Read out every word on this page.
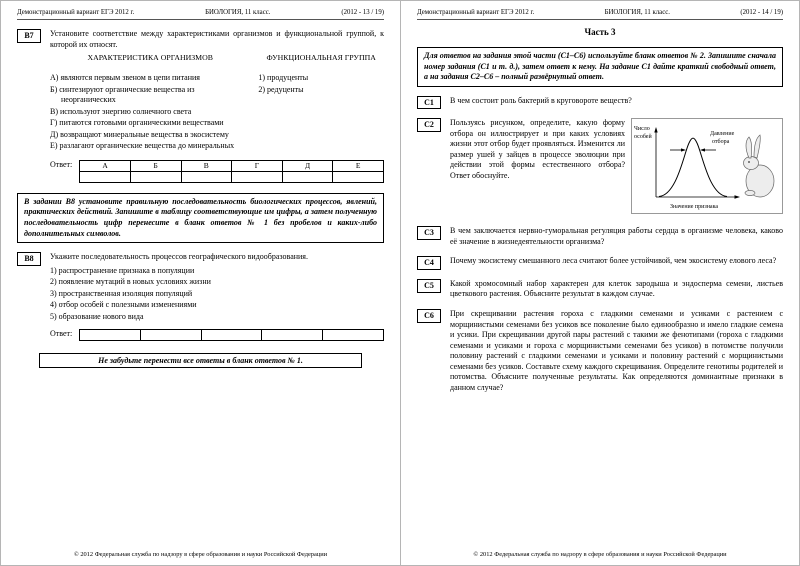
Демонстрационный вариант ЕГЭ 2012 г.	БИОЛОГИЯ, 11 класс.	(2012 - 13 / 19)
В7	Установите соответствие между характеристиками организмов и функциональной группой, к которой их относят.
ХАРАКТЕРИСТИКА ОРГАНИЗМОВ
А) являются первым звеном в цепи питания
Б) синтезируют органические вещества из неорганических
В) используют энергию солнечного света
Г) питаются готовыми органическими веществами
Д) возвращают минеральные вещества в экосистему
Е) разлагают органические вещества до минеральных
ФУНКЦИОНАЛЬНАЯ ГРУППА
1) продуценты
2) редуценты
Ответ:	А	Б	В	Г	Д	Е

В задании В8 установите правильную последовательность биологических процессов, явлений, практических действий. Запишите в таблицу соответствующие им цифры, а затем полученную последовательность цифр перенесите в бланк ответов № 1 без пробелов и каких-либо дополнительных символов.
В8	Укажите последовательность процессов географического видообразования.
1) распространение признака в популяции
2) появление мутаций в новых условиях жизни
3) пространственная изоляция популяций
4) отбор особей с полезными изменениями
5) образование нового вида
Ответ:

Не забудьте перенести все ответы в бланк ответов № 1.
© 2012 Федеральная служба по надзору в сфере образования и науки Российской Федерации
Демонстрационный вариант ЕГЭ 2012 г.	БИОЛОГИЯ, 11 класс.	(2012 - 14 / 19)
Часть 3
Для ответов на задания этой части (С1–С6) используйте бланк ответов № 2. Запишите сначала номер задания (С1 и т. д.), затем ответ к нему. На задание С1 дайте краткий свободный ответ, а на задания С2–С6 – полный развёрнутый ответ.
С1	В чем состоит роль бактерий в круговороте веществ?
С2	Число
особей	Давление
отбора
Значение признака
Пользуясь рисунком, определите, какую форму отбора он иллюстрирует и при каких условиях жизни этот отбор будет проявляться. Изменится ли размер ушей у зайцев в процессе эволюции при действии этой формы естественного отбора? Ответ обоснуйте.
С3	В чем заключается нервно-гуморальная регуляция работы сердца в организме человека, каково её значение в жизнедеятельности организма?
С4	Почему экосистему смешанного леса считают более устойчивой, чем экосистему елового леса?
С5	Какой хромосомный набор характерен для клеток зародыша и эндосперма семени, листьев цветкового растения. Объясните результат в каждом случае.
С6	При скрещивании растения гороха с гладкими семенами и усиками с растением с морщинистыми семенами без усиков все поколение было единообразно и имело гладкие семена и усики. При скрещивании другой пары растений с такими же фенотипами (гороха с гладкими семенами и усиками и гороха с морщинистыми семенами без усиков) в потомстве получили половину растений с гладкими семенами и усиками и половину растений с морщинистыми семенами без усиков. Составьте схему каждого скрещивания. Определите генотипы родителей и потомства. Объясните полученные результаты. Как определяются доминантные признаки в данном случае?
© 2012 Федеральная служба по надзору в сфере образования и науки Российской Федерации
